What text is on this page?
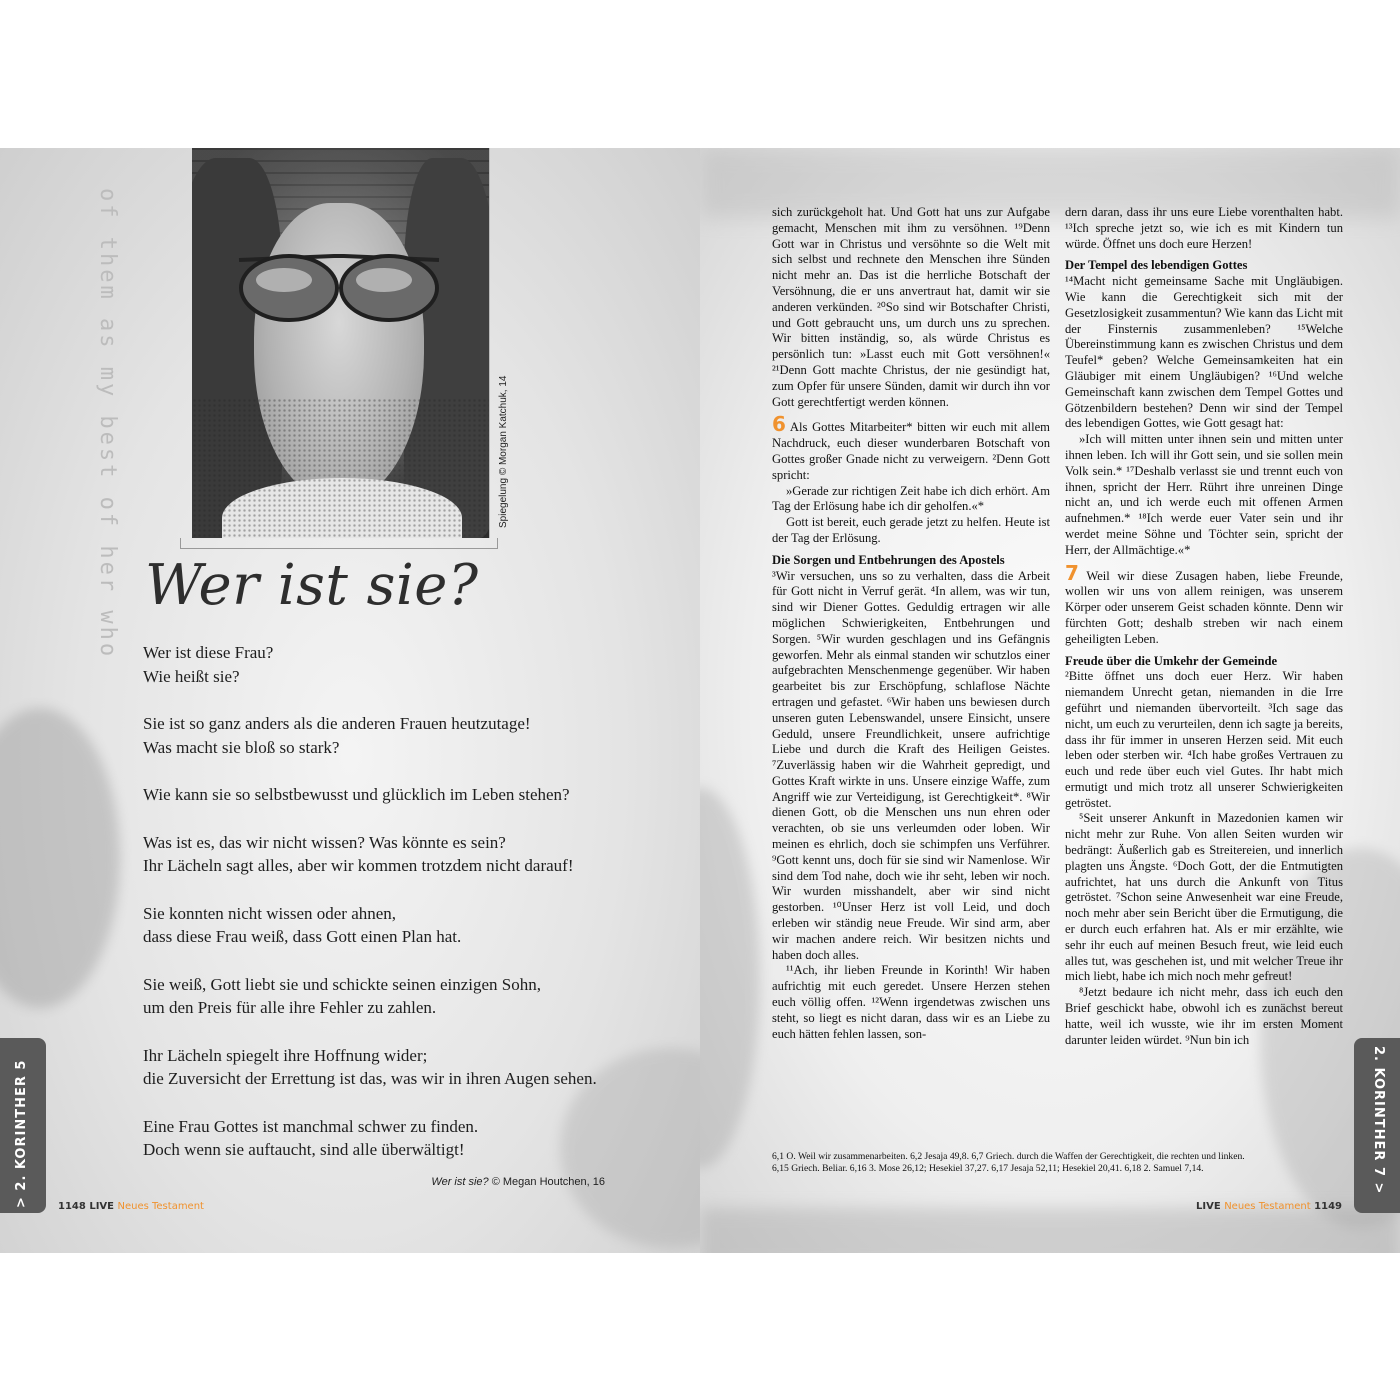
of them as my best of her who	Spiegelung © Morgan Katchuk, 14
Wer ist sie?

Wer ist diese Frau?
Wie heißt sie?

Sie ist so ganz anders als die anderen Frauen heutzutage!
Was macht sie bloß so stark?

Wie kann sie so selbstbewusst und glücklich im Leben stehen?

Was ist es, das wir nicht wissen? Was könnte es sein?
Ihr Lächeln sagt alles, aber wir kommen trotzdem nicht darauf!

Sie konnten nicht wissen oder ahnen,
dass diese Frau weiß, dass Gott einen Plan hat.

Sie weiß, Gott liebt sie und schickte seinen einzigen Sohn,
um den Preis für alle ihre Fehler zu zahlen.

Ihr Lächeln spiegelt ihre Hoffnung wider;
die Zuversicht der Errettung ist das, was wir in ihren Augen sehen.

Eine Frau Gottes ist manchmal schwer zu finden.
Doch wenn sie auftaucht, sind alle überwältigt!

Wer ist sie? © Megan Houtchen, 16
> 2. KORINTHER 5	1148 LIVE Neues Testament
2. KORINTHER 7 >
LIVE Neues Testament 1149

sich zurückgeholt hat. Und Gott hat uns zur Aufgabe gemacht, Menschen mit ihm zu versöhnen. ¹⁹Denn Gott war in Christus und versöhnte so die Welt mit sich selbst und rechnete den Menschen ihre Sünden nicht mehr an. Das ist die herrliche Botschaft der Versöhnung, die er uns anvertraut hat, damit wir sie anderen verkünden. ²⁰So sind wir Botschafter Christi, und Gott gebraucht uns, um durch uns zu sprechen. Wir bitten inständig, so, als würde Christus es persönlich tun: »Lasst euch mit Gott versöhnen!« ²¹Denn Gott machte Christus, der nie gesündigt hat, zum Opfer für unsere Sünden, damit wir durch ihn vor Gott gerechtfertigt werden können.

6 Als Gottes Mitarbeiter* bitten wir euch mit allem Nachdruck, euch dieser wunderbaren Botschaft von Gottes großer Gnade nicht zu verweigern. ²Denn Gott spricht:

»Gerade zur richtigen Zeit habe ich dich erhört. Am Tag der Erlösung habe ich dir geholfen.«*

Gott ist bereit, euch gerade jetzt zu helfen. Heute ist der Tag der Erlösung.

Die Sorgen und Entbehrungen des Apostels

³Wir versuchen, uns so zu verhalten, dass die Arbeit für Gott nicht in Verruf gerät. ⁴In allem, was wir tun, sind wir Diener Gottes. Geduldig ertragen wir alle möglichen Schwierigkeiten, Entbehrungen und Sorgen. ⁵Wir wurden geschlagen und ins Gefängnis geworfen. Mehr als einmal standen wir schutzlos einer aufgebrachten Menschenmenge gegenüber. Wir haben gearbeitet bis zur Erschöpfung, schlaflose Nächte ertragen und gefastet. ⁶Wir haben uns bewiesen durch unseren guten Lebenswandel, unsere Einsicht, unsere Geduld, unsere Freundlichkeit, unsere aufrichtige Liebe und durch die Kraft des Heiligen Geistes. ⁷Zuverlässig haben wir die Wahrheit gepredigt, und Gottes Kraft wirkte in uns. Unsere einzige Waffe, zum Angriff wie zur Verteidigung, ist Gerechtigkeit*. ⁸Wir dienen Gott, ob die Menschen uns nun ehren oder verachten, ob sie uns verleumden oder loben. Wir meinen es ehrlich, doch sie schimpfen uns Verführer. ⁹Gott kennt uns, doch für sie sind wir Namenlose. Wir sind dem Tod nahe, doch wie ihr seht, leben wir noch. Wir wurden misshandelt, aber wir sind nicht gestorben. ¹⁰Unser Herz ist voll Leid, und doch erleben wir ständig neue Freude. Wir sind arm, aber wir machen andere reich. Wir besitzen nichts und haben doch alles.

¹¹Ach, ihr lieben Freunde in Korinth! Wir haben aufrichtig mit euch geredet. Unsere Herzen stehen euch völlig offen. ¹²Wenn irgendetwas zwischen uns steht, so liegt es nicht daran, dass wir es an Liebe zu euch hätten fehlen lassen, son-

dern daran, dass ihr uns eure Liebe vorenthalten habt. ¹³Ich spreche jetzt so, wie ich es mit Kindern tun würde. Öffnet uns doch eure Herzen!

Der Tempel des lebendigen Gottes

¹⁴Macht nicht gemeinsame Sache mit Ungläubigen. Wie kann die Gerechtigkeit sich mit der Gesetzlosigkeit zusammentun? Wie kann das Licht mit der Finsternis zusammenleben? ¹⁵Welche Übereinstimmung kann es zwischen Christus und dem Teufel* geben? Welche Gemeinsamkeiten hat ein Gläubiger mit einem Ungläubigen? ¹⁶Und welche Gemeinschaft kann zwischen dem Tempel Gottes und Götzenbildern bestehen? Denn wir sind der Tempel des lebendigen Gottes, wie Gott gesagt hat:

»Ich will mitten unter ihnen sein und mitten unter ihnen leben. Ich will ihr Gott sein, und sie sollen mein Volk sein.* ¹⁷Deshalb verlasst sie und trennt euch von ihnen, spricht der Herr. Rührt ihre unreinen Dinge nicht an, und ich werde euch mit offenen Armen aufnehmen.* ¹⁸Ich werde euer Vater sein und ihr werdet meine Söhne und Töchter sein, spricht der Herr, der Allmächtige.«*

7 Weil wir diese Zusagen haben, liebe Freunde, wollen wir uns von allem reinigen, was unserem Körper oder unserem Geist schaden könnte. Denn wir fürchten Gott; deshalb streben wir nach einem geheiligten Leben.

Freude über die Umkehr der Gemeinde

²Bitte öffnet uns doch euer Herz. Wir haben niemandem Unrecht getan, niemanden in die Irre geführt und niemanden übervorteilt. ³Ich sage das nicht, um euch zu verurteilen, denn ich sagte ja bereits, dass ihr für immer in unseren Herzen seid. Mit euch leben oder sterben wir. ⁴Ich habe großes Vertrauen zu euch und rede über euch viel Gutes. Ihr habt mich ermutigt und mich trotz all unserer Schwierigkeiten getröstet.

⁵Seit unserer Ankunft in Mazedonien kamen wir nicht mehr zur Ruhe. Von allen Seiten wurden wir bedrängt: Äußerlich gab es Streitereien, und innerlich plagten uns Ängste. ⁶Doch Gott, der die Entmutigten aufrichtet, hat uns durch die Ankunft von Titus getröstet. ⁷Schon seine Anwesenheit war eine Freude, noch mehr aber sein Bericht über die Ermutigung, die er durch euch erfahren hat. Als er mir erzählte, wie sehr ihr euch auf meinen Besuch freut, wie leid euch alles tut, was geschehen ist, und mit welcher Treue ihr mich liebt, habe ich mich noch mehr gefreut!

⁸Jetzt bedaure ich nicht mehr, dass ich euch den Brief geschickt habe, obwohl ich es zunächst bereut hatte, weil ich wusste, wie ihr im ersten Moment darunter leiden würdet. ⁹Nun bin ich

6,1 O. Weil wir zusammenarbeiten. 6,2 Jesaja 49,8. 6,7 Griech. durch die Waffen der Gerechtigkeit, die rechten und linken.
6,15 Griech. Beliar. 6,16 3. Mose 26,12; Hesekiel 37,27. 6,17 Jesaja 52,11; Hesekiel 20,41. 6,18 2. Samuel 7,14.
